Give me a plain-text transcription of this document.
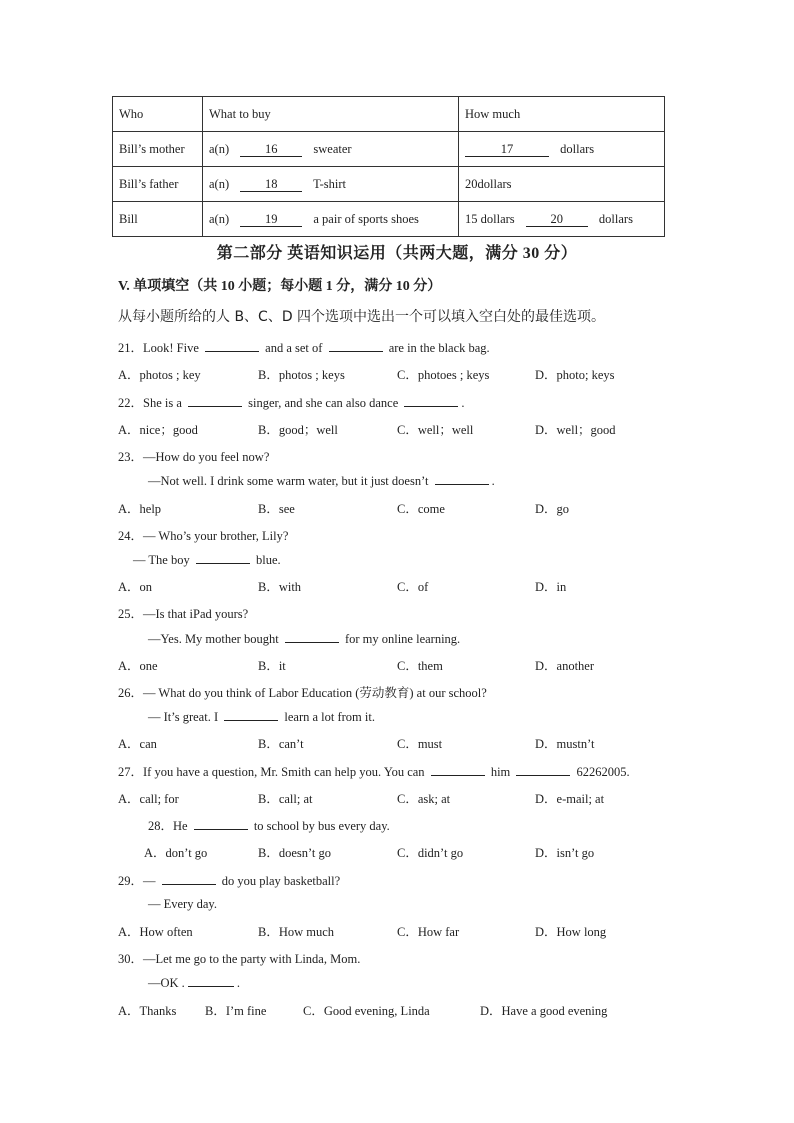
Who	What to buy	How much
Bill’s mother	a(n) 16 sweater	17 dollars
Bill’s father	a(n) 18 T-shirt	20dollars
Bill	a(n) 19 a pair of sports shoes	15 dollars 20 dollars
第二部分 英语知识运用（共两大题，满分 30 分）
V. 单项填空（共 10 小题；每小题 1 分，满分 10 分）
从每小题所给的人 B、C、D 四个选项中选出一个可以填入空白处的最佳选项。
21．Look! Five	and a set of	are in the black bag.
A．photos ; key	B．photos ; keys	C．photoes ; keys	D．photo; keys
22．She is a	singer, and she can also dance	.
A．nice；good	B．good；well	C．well；well	D．well；good
23．—How do you feel now?
—Not well. I drink some warm water, but it just doesn’t	.
A．help	B．see	C．come	D．go
24．— Who’s your brother, Lily?
— The boy	blue.
A．on	B．with	C．of	D．in
25．—Is that iPad yours?
—Yes. My mother bought	for my online learning.
A．one	B．it	C．them	D．another
26．— What do you think of Labor Education (劳动教育) at our school?
— It’s great. I	learn a lot from it.
A．can	B．can’t	C．must	D．mustn’t
27．If you have a question, Mr. Smith can help you. You can	him	62262005.
A．call; for	B．call; at	C．ask; at	D．e-mail; at
28．He	to school by bus every day.
A．don’t go	B．doesn’t go	C．didn’t go	D．isn’t go
29．—	do you play basketball?
— Every day.
A．How often	B．How much	C．How far	D．How long
30．—Let me go to the party with Linda, Mom.
—OK .	.
A．Thanks B．I’m fine	C．Good evening, Linda	D．Have a good evening
